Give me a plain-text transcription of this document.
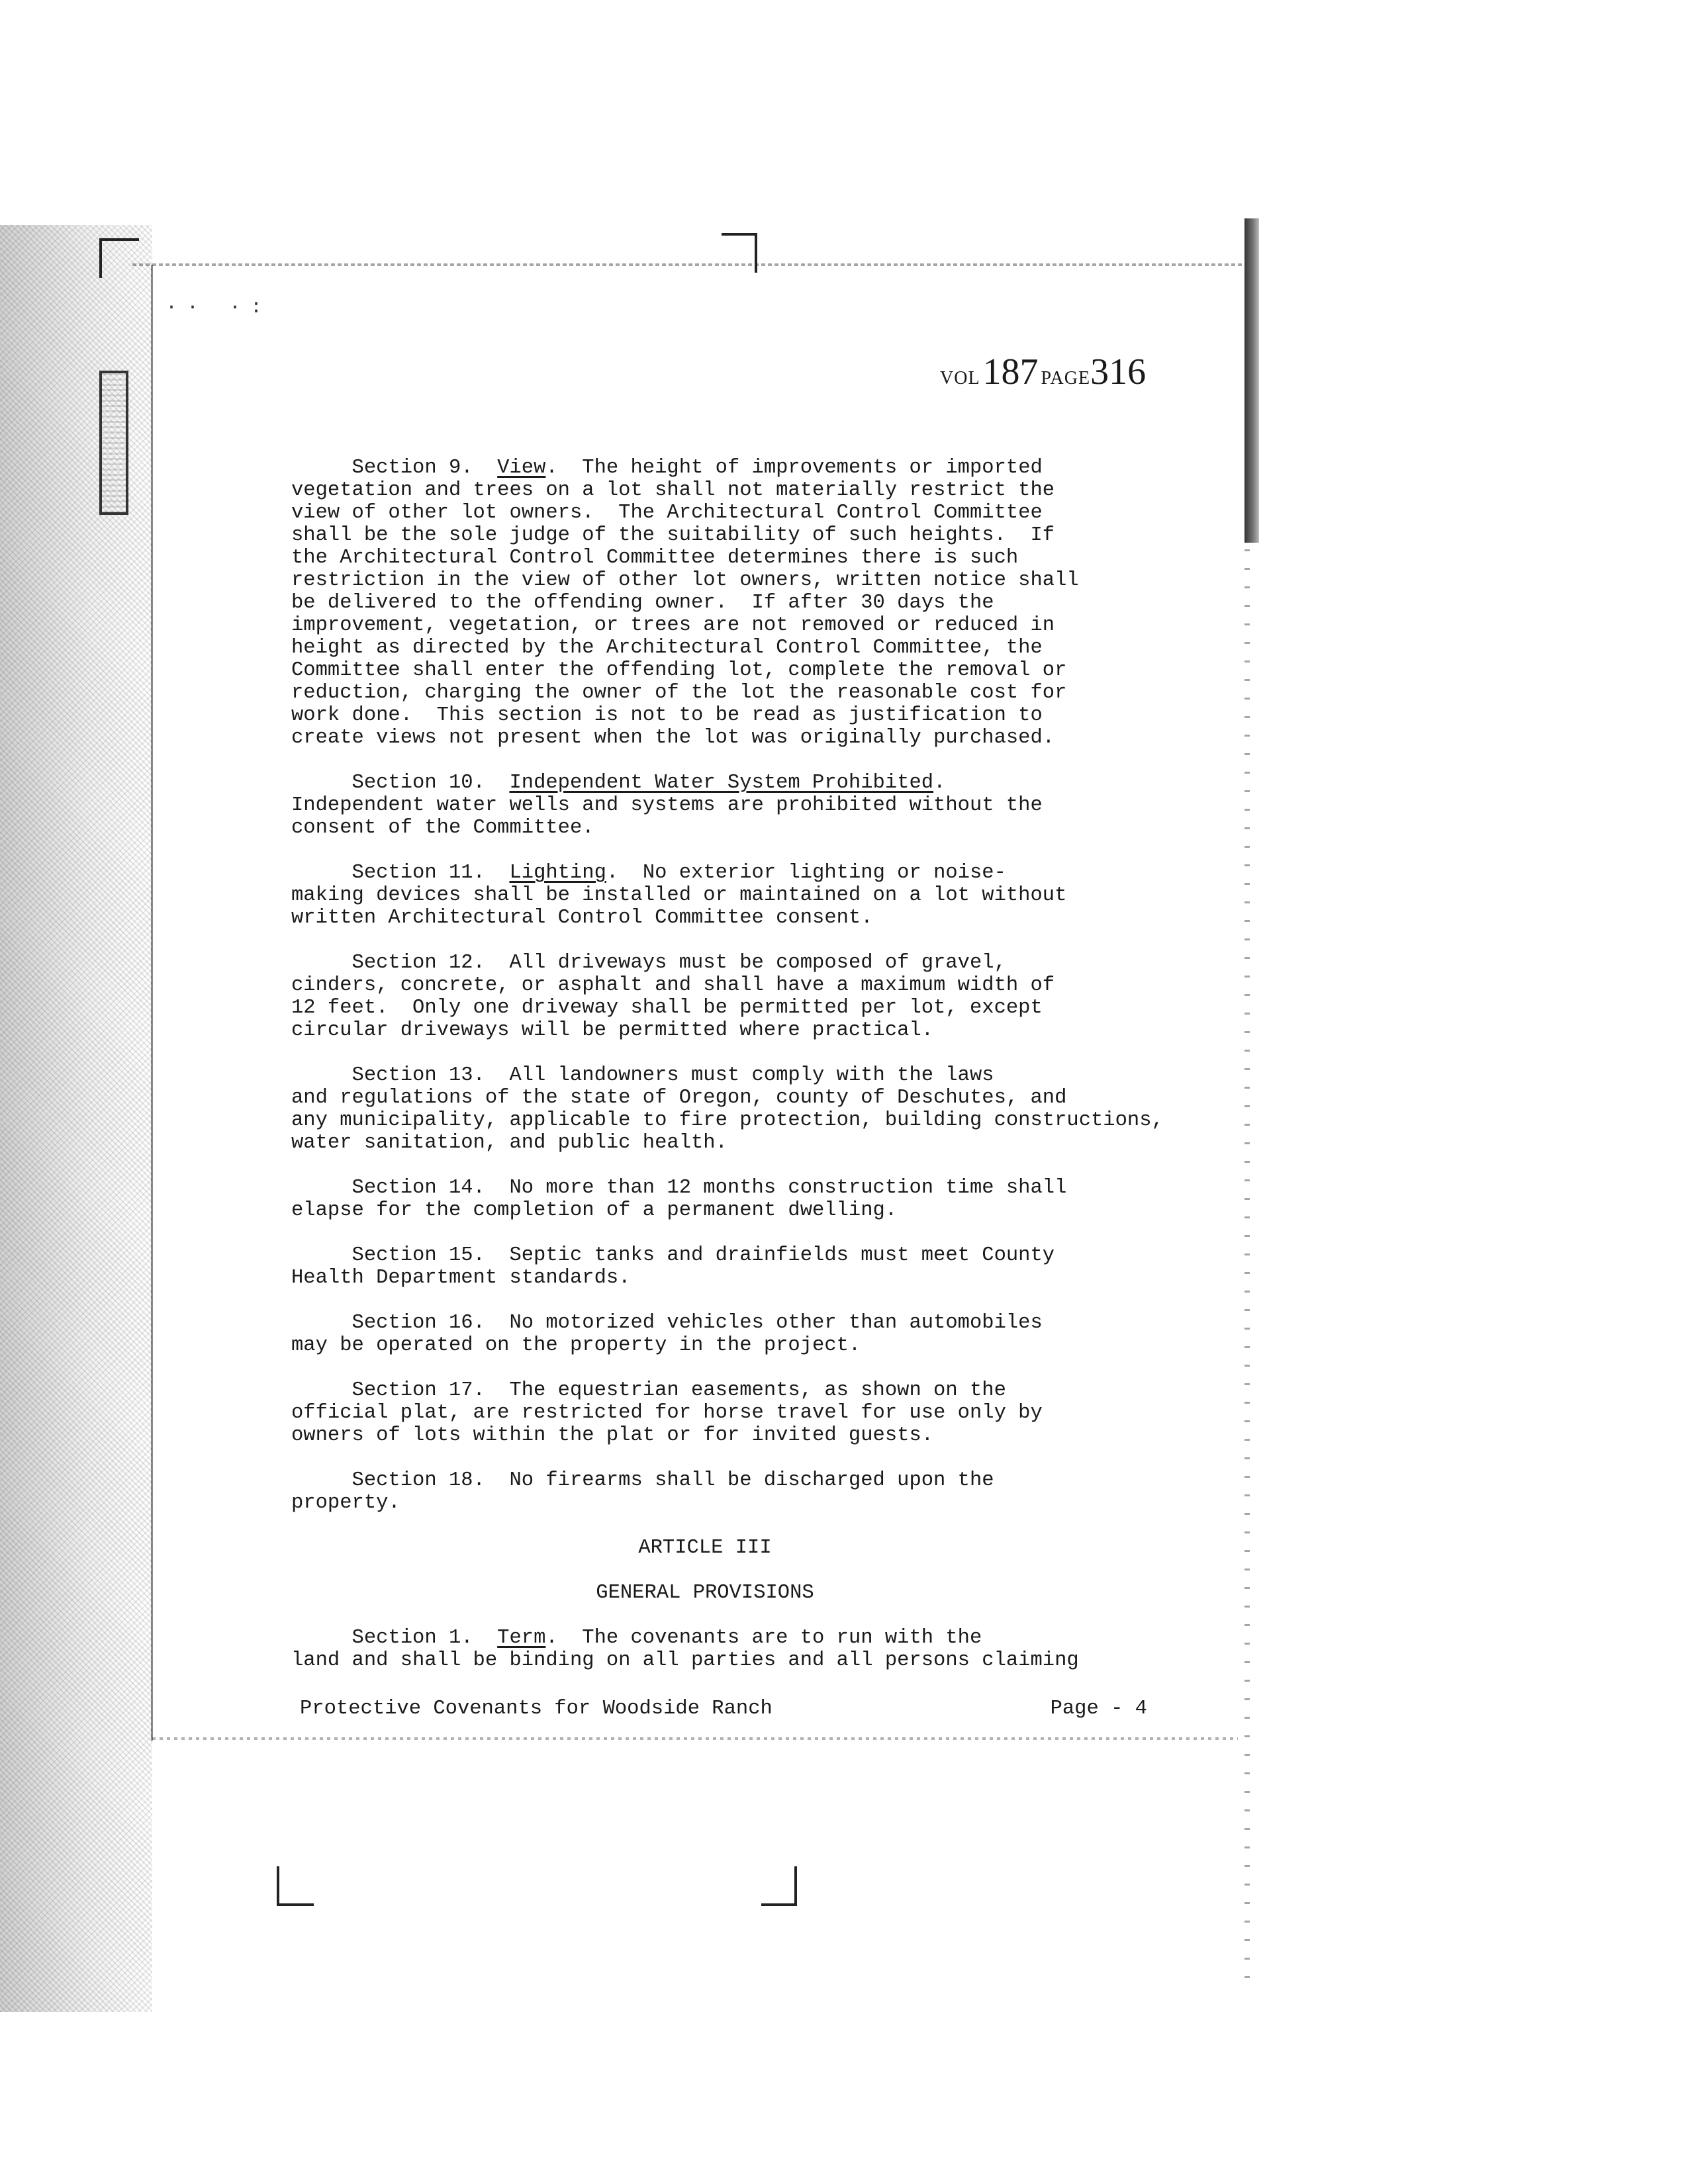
·· ·:
VOL 187 PAGE316
Section 9.  View.  The height of improvements or imported
vegetation and trees on a lot shall not materially restrict the
view of other lot owners.  The Architectural Control Committee
shall be the sole judge of the suitability of such heights.  If
the Architectural Control Committee determines there is such
restriction in the view of other lot owners, written notice shall
be delivered to the offending owner.  If after 30 days the
improvement, vegetation, or trees are not removed or reduced in
height as directed by the Architectural Control Committee, the
Committee shall enter the offending lot, complete the removal or
reduction, charging the owner of the lot the reasonable cost for
work done.  This section is not to be read as justification to
create views not present when the lot was originally purchased.
Section 10.  Independent Water System Prohibited.
Independent water wells and systems are prohibited without the
consent of the Committee.
Section 11.  Lighting.  No exterior lighting or noise-
making devices shall be installed or maintained on a lot without
written Architectural Control Committee consent.
Section 12.  All driveways must be composed of gravel,
cinders, concrete, or asphalt and shall have a maximum width of
12 feet.  Only one driveway shall be permitted per lot, except
circular driveways will be permitted where practical.
Section 13.  All landowners must comply with the laws
and regulations of the state of Oregon, county of Deschutes, and
any municipality, applicable to fire protection, building constructions,
water sanitation, and public health.
Section 14.  No more than 12 months construction time shall
elapse for the completion of a permanent dwelling.
Section 15.  Septic tanks and drainfields must meet County
Health Department standards.
Section 16.  No motorized vehicles other than automobiles
may be operated on the property in the project.
Section 17.  The equestrian easements, as shown on the
official plat, are restricted for horse travel for use only by
owners of lots within the plat or for invited guests.
Section 18.  No firearms shall be discharged upon the
property.
ARTICLE III
GENERAL PROVISIONS
Section 1.  Term.  The covenants are to run with the
land and shall be binding on all parties and all persons claiming
Protective Covenants for Woodside Ranch	Page - 4
